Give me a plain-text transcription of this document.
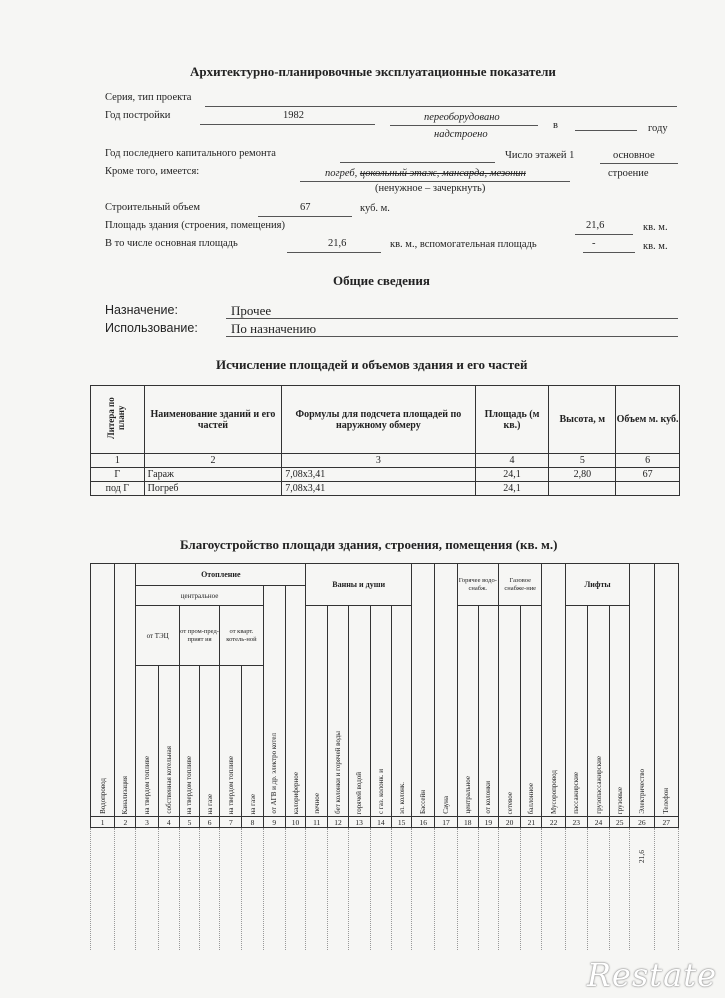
Архитектурно-планировочные эксплуатационные показатели
Серия, тип проекта
Год постройки	1982	переоборудовано
надстроено
в	году
Год последнего капитального ремонта	Число этажей 1	основное
Кроме того, имеется:	погреб, цокольный этаж, мансарда, мезонин	строение
(ненужное – зачеркнуть)
Строительный объем	67	куб. м.
Площадь здания (строения, помещения)	21,6	кв. м.
В то числе основная площадь	21,6	кв. м., вспомогательная площадь	-	кв. м.
Общие сведения
Назначение:	Прочее
Использование:	По назначению
Исчисление площадей и объемов здания и его частей
Литера по плану	Наименование зданий и его частей	Формулы для подсчета площадей по наружному обмеру	Площадь (м кв.)	Высота, м	Объем м. куб.
1	2	3	4	5	6
Г	Гараж	7,08x3,41	24,1	2,80	67
под Г	Погреб	7,08x3,41	24,1		
Благоустройство площади здания, строения, помещения (кв. м.)
Водопровод	Канализация	Отопление								Ванны и души					Бассейн	Сауна	Горячее водо-снабж.		Газовое снабже-ние		Мусоропровод	Лифты			Электричество	Телефон
		центральное						от АГВ и др. электро котел	калориферное																	
		от ТЭЦ		от пром-пред-прият ия		от кварт. котель-ной				печное	бет колонки и горячей воды	горячей водой	с газ. колонк. и	эл. колонк.			центральное	от колонки	сетевое	баллонное		пассажирские	грузопассажирские	грузовые		
		на твердом топливе	собственная котельная	на твердом топливе	на газе	на твердом топливе	на газе																			
1	2	3	4	5	6	7	8	9	10	11	12	13	14	15	16	17	18	19	20	21	22	23	24	25	26	27
																									21,6	
Restate
